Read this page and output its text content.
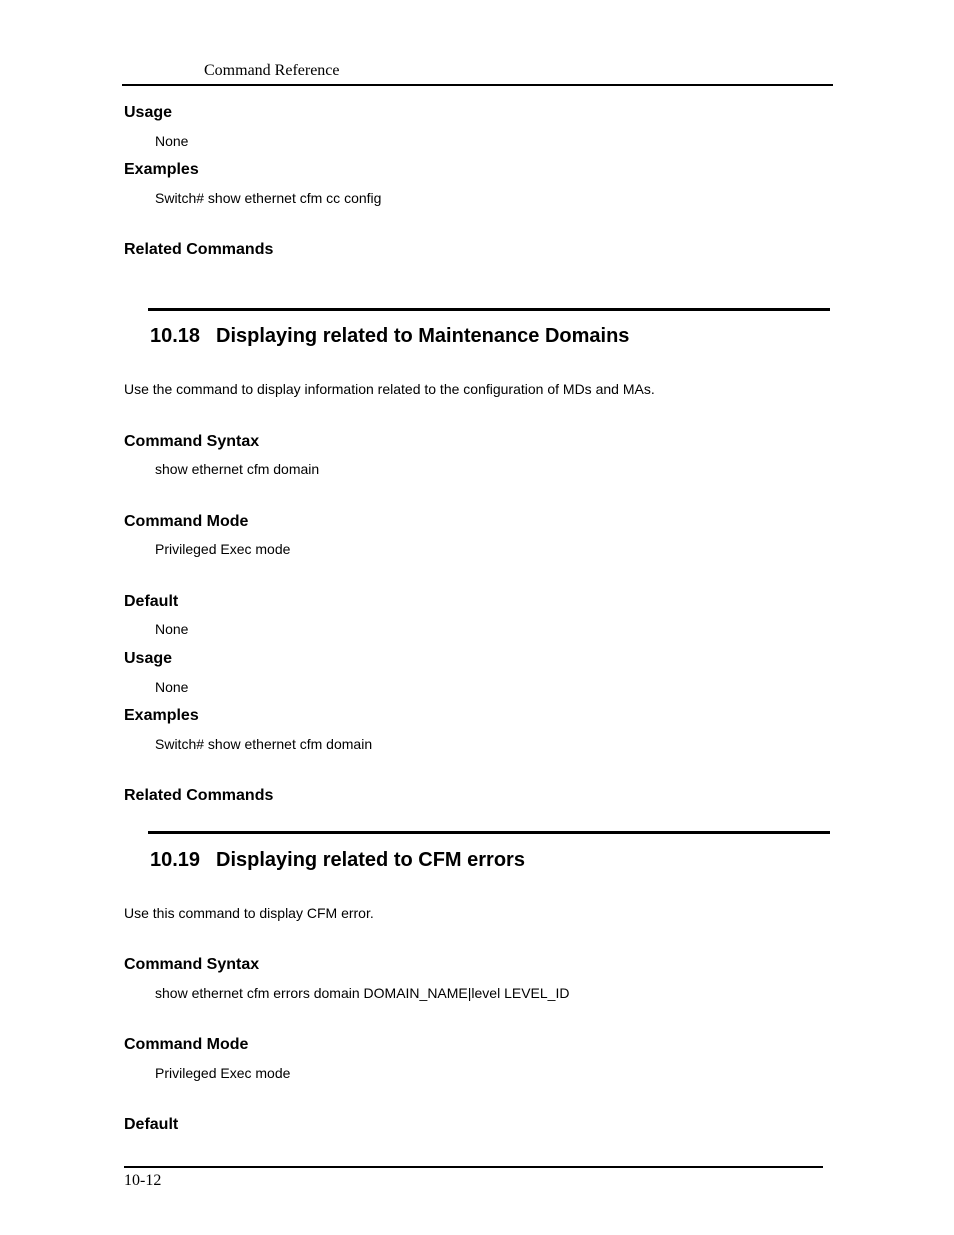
Command Reference
Usage
None
Examples
Switch# show ethernet cfm cc config
Related Commands
10.18 Displaying related to Maintenance Domains
Use the command to display information related to the configuration of MDs and MAs.
Command Syntax
show ethernet cfm domain
Command Mode
Privileged Exec mode
Default
None
Usage
None
Examples
Switch# show ethernet cfm domain
Related Commands
10.19 Displaying related to CFM errors
Use this command to display CFM error.
Command Syntax
show ethernet cfm errors domain DOMAIN_NAME|level LEVEL_ID
Command Mode
Privileged Exec mode
Default
10-12
